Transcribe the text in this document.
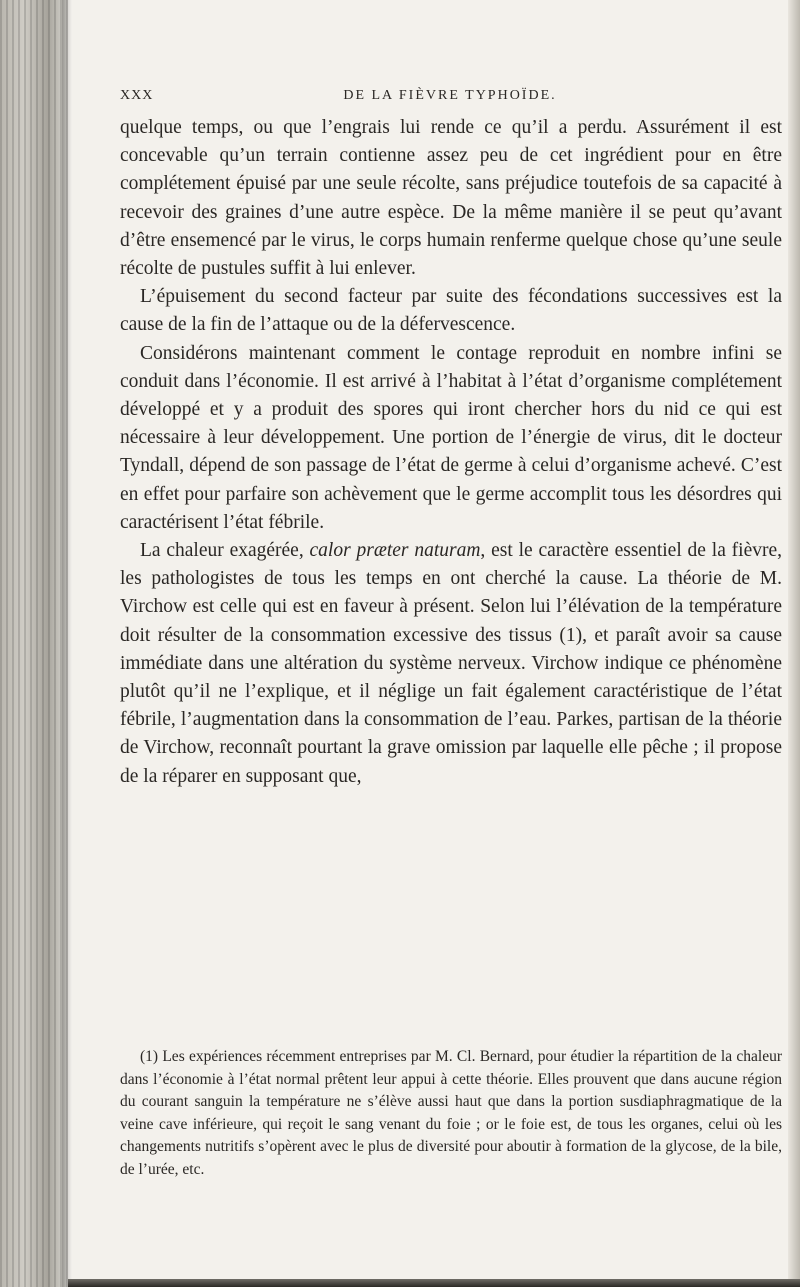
XXX	DE LA FIÈVRE TYPHOÏDE.

quelque temps, ou que l’engrais lui rende ce qu’il a perdu. Assurément il est concevable qu’un terrain contienne assez peu de cet ingrédient pour en être complétement épuisé par une seule récolte, sans préjudice toutefois de sa capacité à recevoir des graines d’une autre espèce. De la même manière il se peut qu’avant d’être ensemencé par le virus, le corps humain renferme quelque chose qu’une seule récolte de pustules suffit à lui enlever.

L’épuisement du second facteur par suite des fécondations successives est la cause de la fin de l’attaque ou de la défervescence.

Considérons maintenant comment le contage reproduit en nombre infini se conduit dans l’économie. Il est arrivé à l’habitat à l’état d’organisme complétement développé et y a produit des spores qui iront chercher hors du nid ce qui est nécessaire à leur développement. Une portion de l’énergie de virus, dit le docteur Tyndall, dépend de son passage de l’état de germe à celui d’organisme achevé. C’est en effet pour parfaire son achèvement que le germe accomplit tous les désordres qui caractérisent l’état fébrile.

La chaleur exagérée, calor præter naturam, est le caractère essentiel de la fièvre, les pathologistes de tous les temps en ont cherché la cause. La théorie de M. Virchow est celle qui est en faveur à présent. Selon lui l’élévation de la température doit résulter de la consommation excessive des tissus (1), et paraît avoir sa cause immédiate dans une altération du système nerveux. Virchow indique ce phénomène plutôt qu’il ne l’explique, et il néglige un fait également caractéristique de l’état fébrile, l’augmentation dans la consommation de l’eau. Parkes, partisan de la théorie de Virchow, reconnaît pourtant la grave omission par laquelle elle pêche ; il propose de la réparer en supposant que,

(1) Les expériences récemment entreprises par M. Cl. Bernard, pour étudier la répartition de la chaleur dans l’économie à l’état normal prêtent leur appui à cette théorie. Elles prouvent que dans aucune région du courant sanguin la température ne s’élève aussi haut que dans la portion susdiaphragmatique de la veine cave inférieure, qui reçoit le sang venant du foie ; or le foie est, de tous les organes, celui où les changements nutritifs s’opèrent avec le plus de diversité pour aboutir à formation de la glycose, de la bile, de l’urée, etc.
